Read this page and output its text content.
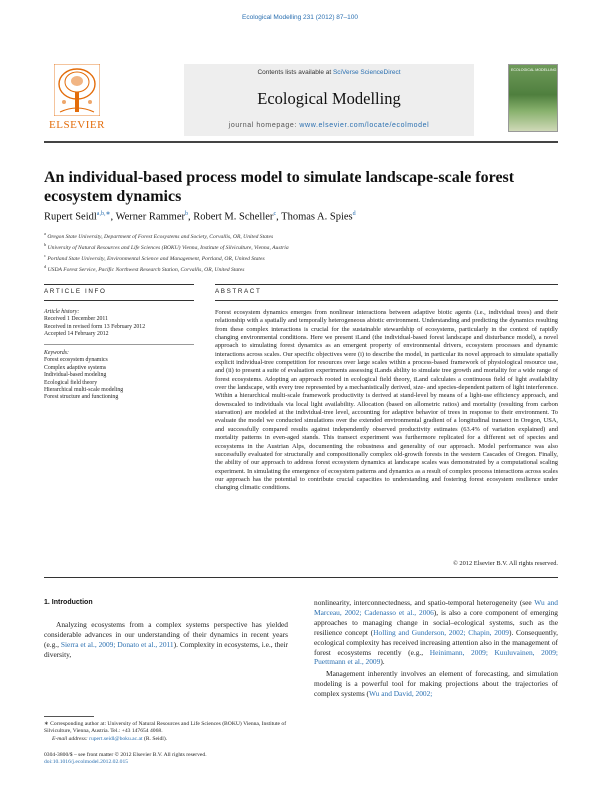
Ecological Modelling 231 (2012) 87–100
ELSEVIER
Contents lists available at SciVerse ScienceDirect
Ecological Modelling
journal homepage: www.elsevier.com/locate/ecolmodel
ECOLOGICAL MODELLING
An individual-based process model to simulate landscape-scale forest ecosystem dynamics
Rupert Seidl$^{a,b,∗}$, Werner Rammer$^b$, Robert M. Scheller$^c$, Thomas A. Spies$^d$
$^a$ Oregon State University, Department of Forest Ecosystems and Society, Corvallis, OR, United States
$^b$ University of Natural Resources and Life Sciences (BOKU) Vienna, Institute of Silviculture, Vienna, Austria
$^c$ Portland State University, Environmental Science and Management, Portland, OR, United States
$^d$ USDA Forest Service, Pacific Northwest Research Station, Corvallis, OR, United States
ARTICLE INFO	ABSTRACT
Article history:
Received 1 December 2011
Received in revised form 13 February 2012
Accepted 14 February 2012
Keywords:
Forest ecosystem dynamics
Complex adaptive systems
Individual-based modeling
Ecological field theory
Hierarchical multi-scale modeling
Forest structure and functioning

Forest ecosystem dynamics emerges from nonlinear interactions between adaptive biotic agents (i.e., individual trees) and their relationship with a spatially and temporally heterogeneous abiotic environment. Understanding and predicting the dynamics resulting from these complex interactions is crucial for the sustainable stewardship of ecosystems, particularly in the context of rapidly changing environmental conditions. Here we present iLand (the individual-based forest landscape and disturbance model), a novel approach to simulating forest dynamics as an emergent property of environmental drivers, ecosystem processes and dynamic interactions across scales. Our specific objectives were (i) to describe the model, in particular its novel approach to simulate spatially explicit individual-tree competition for resources over large scales within a process-based framework of physiological resource use, and (ii) to present a suite of evaluation experiments assessing iLands ability to simulate tree growth and mortality for a wide range of forest ecosystems. Adopting an approach rooted in ecological field theory, iLand calculates a continuous field of light availability over the landscape, with every tree represented by a mechanistically derived, size- and species-dependent pattern of light interference. Within a hierarchical multi-scale framework productivity is derived at stand-level by means of a light-use efficiency approach, and downscaled to individuals via local light availability. Allocation (based on allometric ratios) and mortality (resulting from carbon starvation) are modeled at the individual-tree level, accounting for adaptive behavior of trees in response to their environment. To evaluate the model we conducted simulations over the extended environmental gradient of a longitudinal transect in Oregon, USA, and successfully compared results against independently observed productivity estimates (63.4% of variation explained) and mortality patterns in even-aged stands. This transect experiment was furthermore replicated for a different set of species and ecosystems in the Austrian Alps, documenting the robustness and generality of our approach. Model performance was also successfully evaluated for structurally and compositionally complex old-growth forests in the western Cascades of Oregon. Finally, the ability of our approach to address forest ecosystem dynamics at landscape scales was demonstrated by a computational scaling experiment. In simulating the emergence of ecosystem patterns and dynamics as a result of complex process interactions across scales our approach has the potential to contribute crucial capacities to understanding and fostering forest ecosystem resilience under changing climatic conditions.

© 2012 Elsevier B.V. All rights reserved.
1. Introduction

Analyzing ecosystems from a complex systems perspective has yielded considerable advances in our understanding of their dynamics in recent years (e.g., Sierra et al., 2009; Donato et al., 2011). Complexity in ecosystems, i.e., their diversity,

nonlinearity, interconnectedness, and spatio-temporal heterogeneity (see Wu and Marceau, 2002; Cadenasso et al., 2006), is also a core component of emerging approaches to managing change in social–ecological systems, such as the resilience concept (Holling and Gunderson, 2002; Chapin, 2009). Consequently, ecological complexity has received increasing attention also in the management of forest ecosystems recently (e.g., Heinimann, 2009; Kuuluvainen, 2009; Puettmann et al., 2009).

Management inherently involves an element of forecasting, and simulation modeling is a powerful tool for making projections about the trajectories of complex systems (Wu and David, 2002;

∗ Corresponding author at: University of Natural Resources and Life Sciences (BOKU) Vienna, Institute of Silviculture, Vienna, Austria. Tel.: +43 147654 4068.
E-mail address: rupert.seidl@boku.ac.at (R. Seidl).
0304-3800/$ – see front matter © 2012 Elsevier B.V. All rights reserved.
doi:10.1016/j.ecolmodel.2012.02.015
